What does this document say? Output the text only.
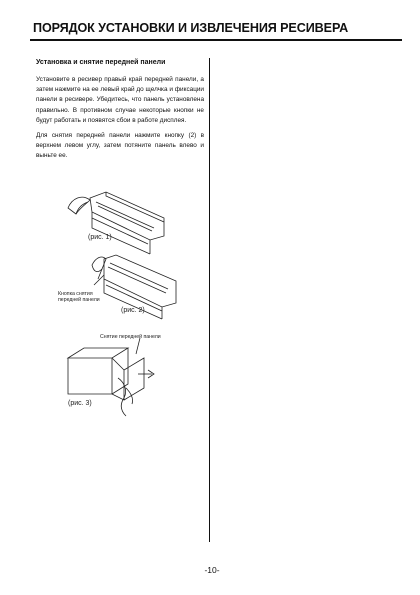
ПОРЯДОК УСТАНОВКИ И ИЗВЛЕЧЕНИЯ РЕСИВЕРА
Установка и снятие передней панели

Установите в ресивер правый край передней панели, а затем нажмите на ее левый край до щелчка и фиксации панели в ресивере. Убедитесь, что панель установлена правильно. В противном случае некоторые кнопки не будут работать и появятся сбои в работе дисплея.

Для снятия передней панели нажмите кнопку (2) в верхнем левом углу, затем потяните панель влево и выньте ее.

(рис. 1)
Кнопка снятия передней панели
(рис. 2)
Снятие передней панели
(рис. 3)
-10-
